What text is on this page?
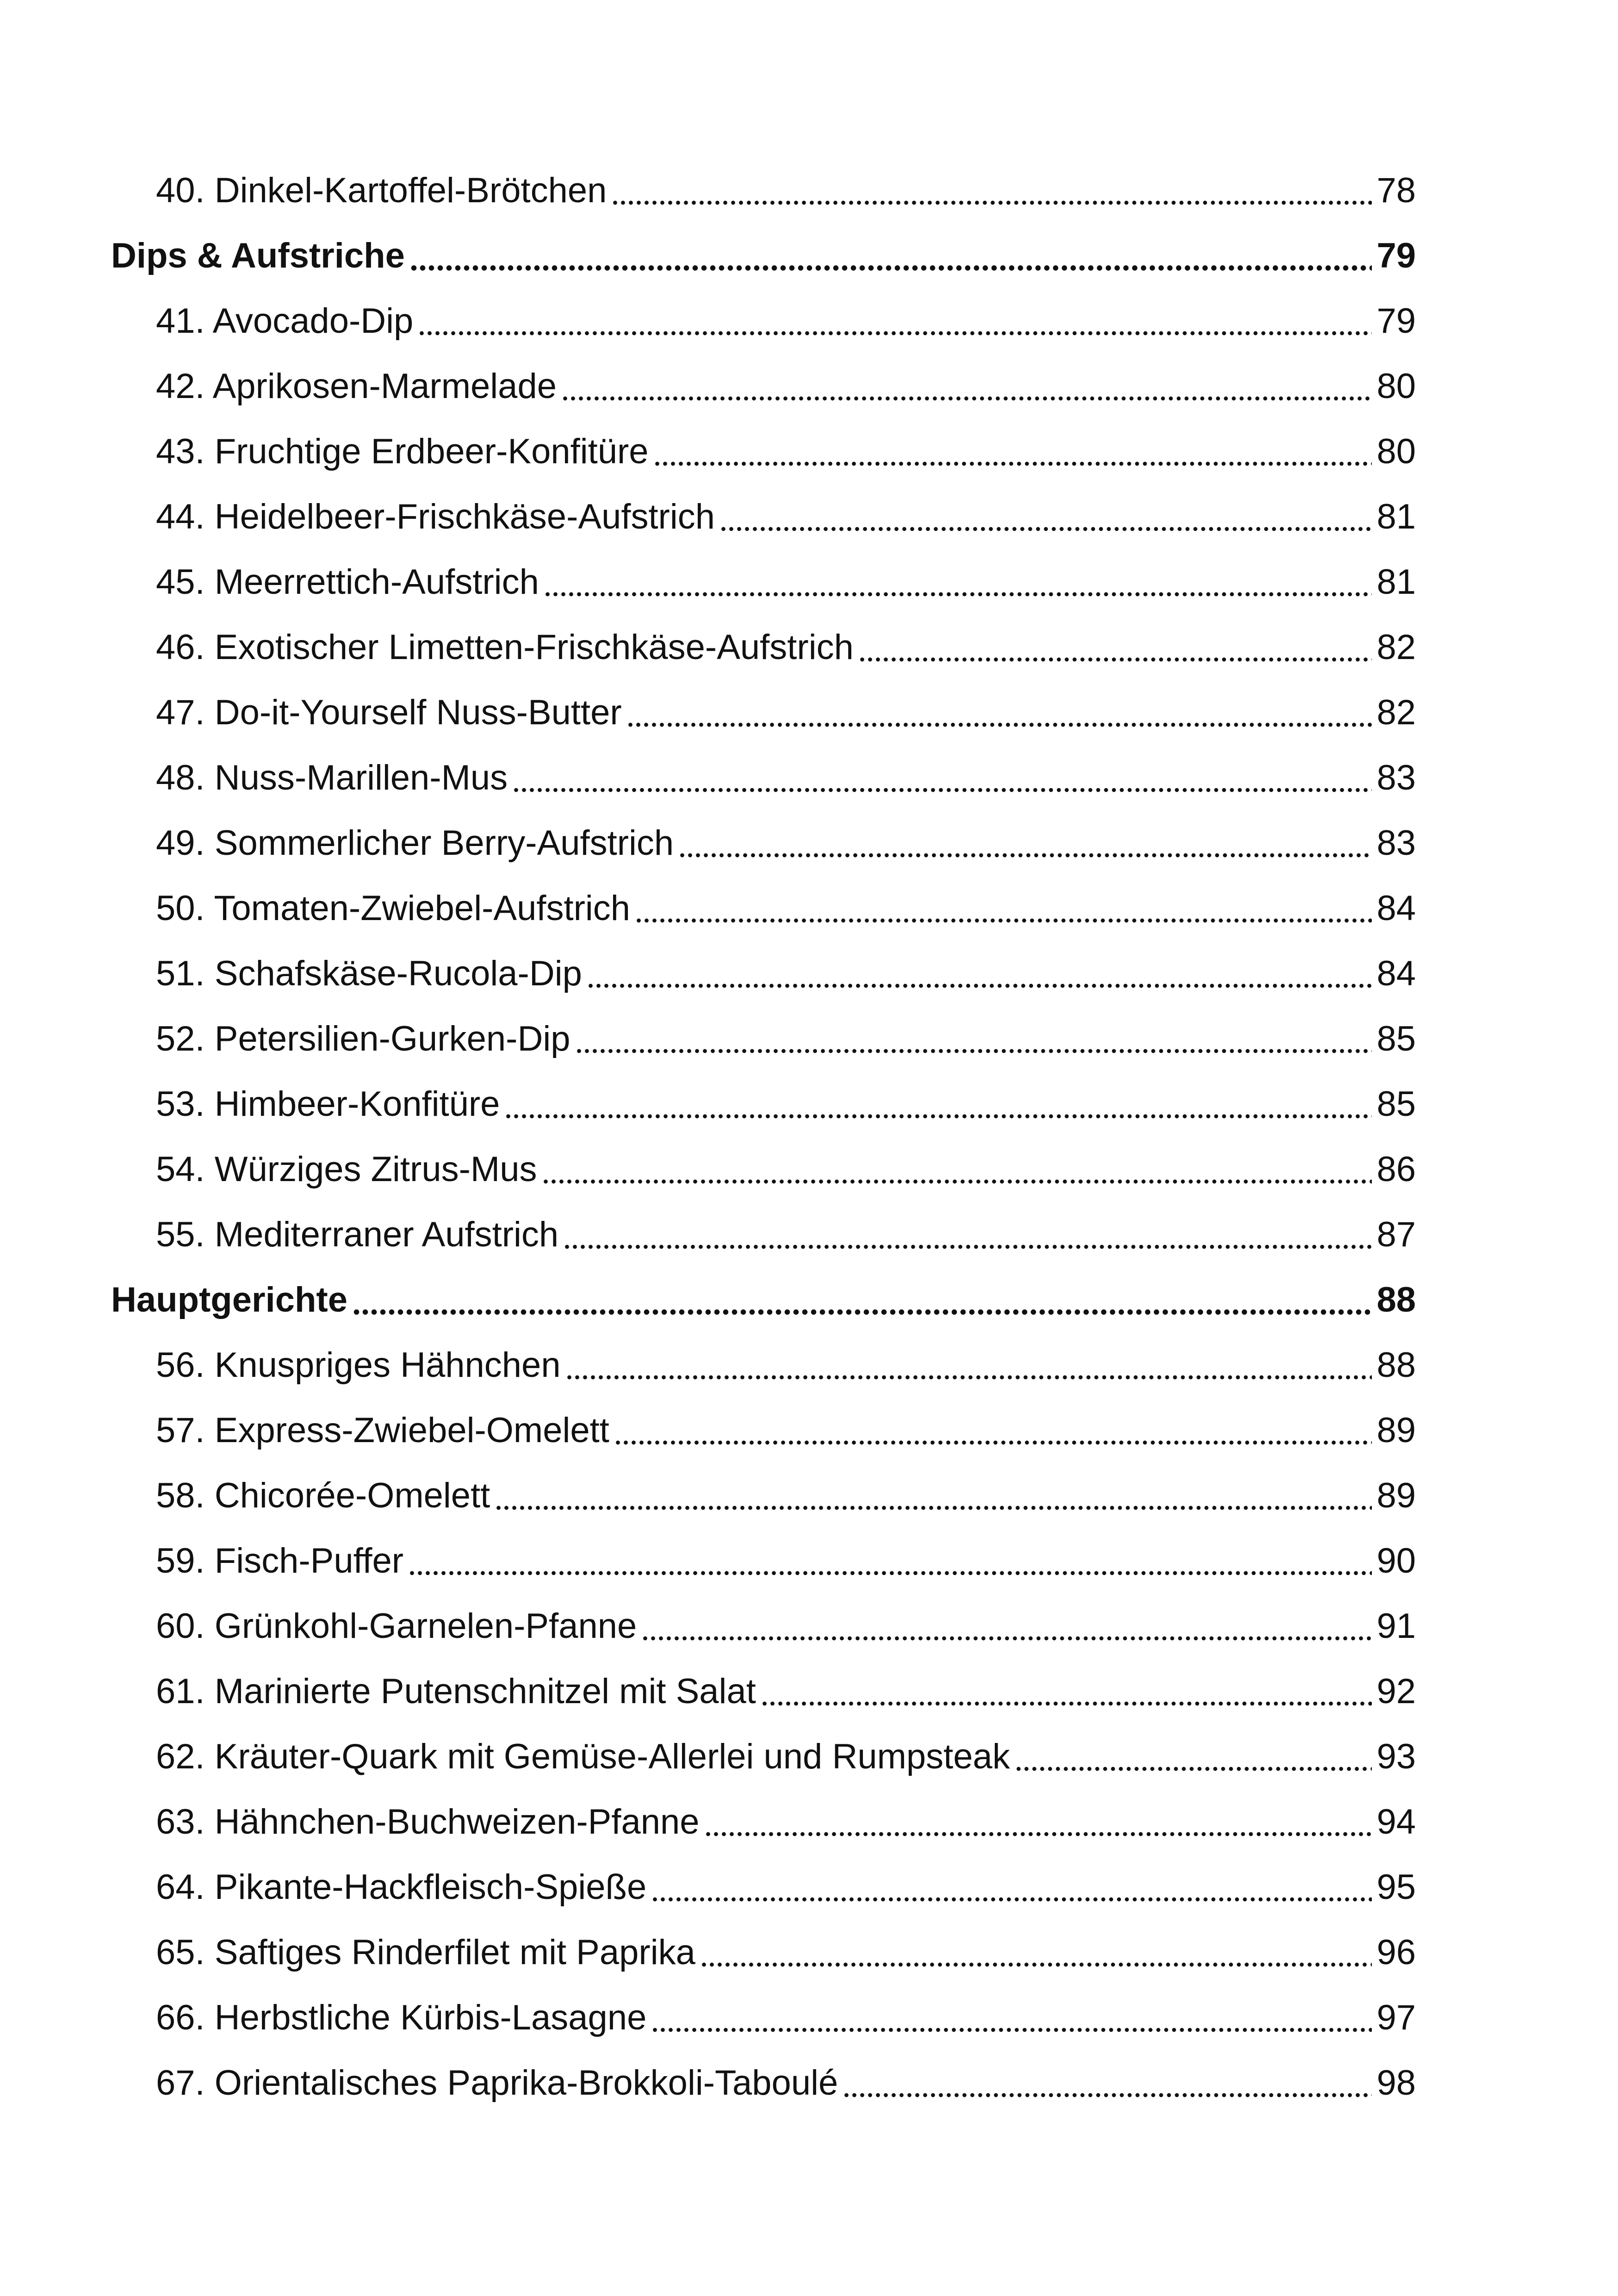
40. Dinkel-Kartoffel-Brötchen	78
Dips & Aufstriche	79
41. Avocado-Dip	79
42. Aprikosen-Marmelade	80
43. Fruchtige Erdbeer-Konfitüre	80
44. Heidelbeer-Frischkäse-Aufstrich	81
45. Meerrettich-Aufstrich	81
46. Exotischer Limetten-Frischkäse-Aufstrich	82
47. Do-it-Yourself Nuss-Butter	82
48. Nuss-Marillen-Mus	83
49. Sommerlicher Berry-Aufstrich	83
50. Tomaten-Zwiebel-Aufstrich	84
51. Schafskäse-Rucola-Dip	84
52. Petersilien-Gurken-Dip	85
53. Himbeer-Konfitüre	85
54. Würziges Zitrus-Mus	86
55. Mediterraner Aufstrich	87
Hauptgerichte	88
56. Knuspriges Hähnchen	88
57. Express-Zwiebel-Omelett	89
58. Chicorée-Omelett	89
59. Fisch-Puffer	90
60. Grünkohl-Garnelen-Pfanne	91
61. Marinierte Putenschnitzel mit Salat	92
62. Kräuter-Quark mit Gemüse-Allerlei und Rumpsteak	93
63. Hähnchen-Buchweizen-Pfanne	94
64. Pikante-Hackfleisch-Spieße	95
65. Saftiges Rinderfilet mit Paprika	96
66. Herbstliche Kürbis-Lasagne	97
67. Orientalisches Paprika-Brokkoli-Taboulé	98
